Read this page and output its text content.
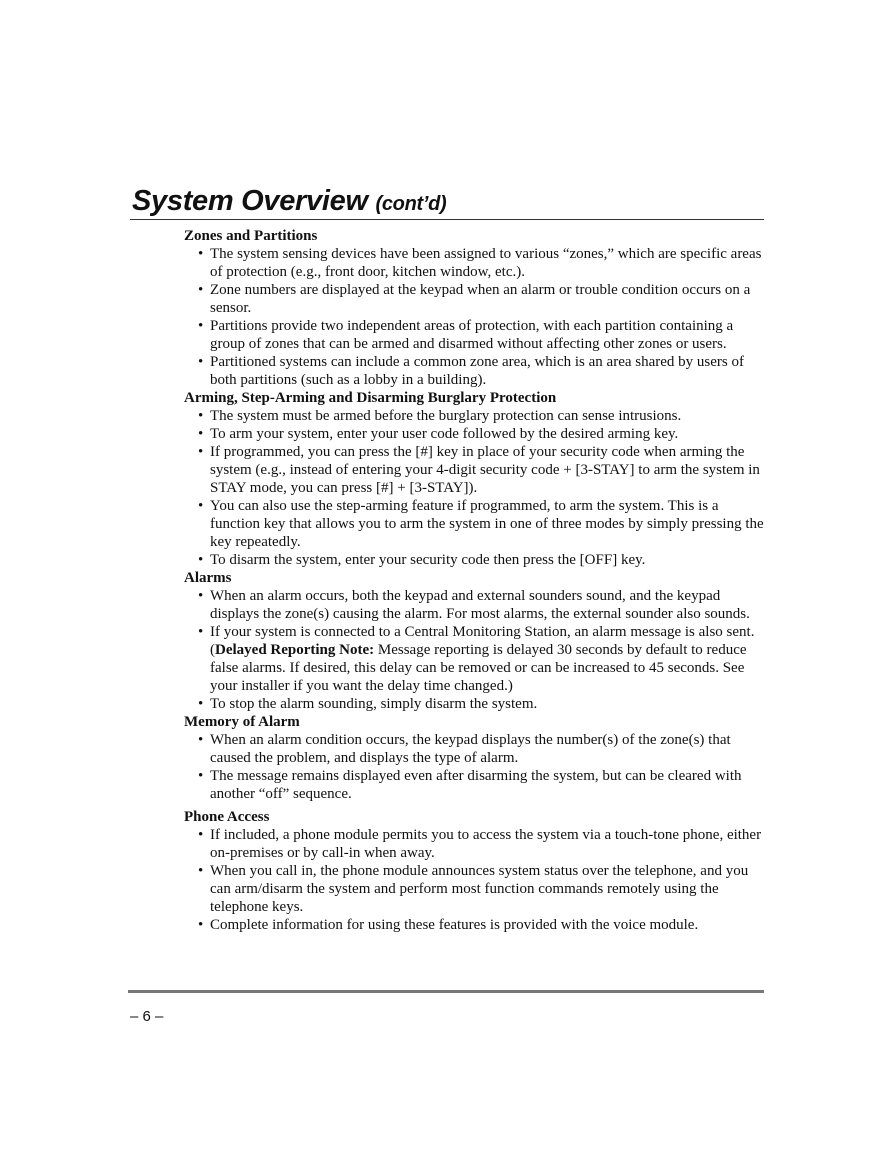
System Overview (cont’d)
Zones and Partitions
• The system sensing devices have been assigned to various “zones,” which are specific areas of protection (e.g., front door, kitchen window, etc.).
• Zone numbers are displayed at the keypad when an alarm or trouble condition occurs on a sensor.
• Partitions provide two independent areas of protection, with each partition containing a group of zones that can be armed and disarmed without affecting other zones or users.
• Partitioned systems can include a common zone area, which is an area shared by users of both partitions (such as a lobby in a building).
Arming, Step-Arming and Disarming Burglary Protection
• The system must be armed before the burglary protection can sense intrusions.
• To arm your system, enter your user code followed by the desired arming key.
• If programmed, you can press the [#] key in place of your security code when arming the system (e.g., instead of entering your 4-digit security code + [3-STAY] to arm the system in STAY mode, you can press [#] + [3-STAY]).
• You can also use the step-arming feature if programmed, to arm the system. This is a function key that allows you to arm the system in one of three modes by simply pressing the key repeatedly.
• To disarm the system, enter your security code then press the [OFF] key.
Alarms
• When an alarm occurs, both the keypad and external sounders sound, and the keypad displays the zone(s) causing the alarm. For most alarms, the external sounder also sounds.
• If your system is connected to a Central Monitoring Station, an alarm message is also sent. (Delayed Reporting Note: Message reporting is delayed 30 seconds by default to reduce false alarms. If desired, this delay can be removed or can be increased to 45 seconds. See your installer if you want the delay time changed.)
• To stop the alarm sounding, simply disarm the system.
Memory of Alarm
• When an alarm condition occurs, the keypad displays the number(s) of the zone(s) that caused the problem, and displays the type of alarm.
• The message remains displayed even after disarming the system, but can be cleared with another “off” sequence.
Phone Access
• If included, a phone module permits you to access the system via a touch-tone phone, either on-premises or by call-in when away.
• When you call in, the phone module announces system status over the telephone, and you can arm/disarm the system and perform most function commands remotely using the telephone keys.
• Complete information for using these features is provided with the voice module.
– 6 –
